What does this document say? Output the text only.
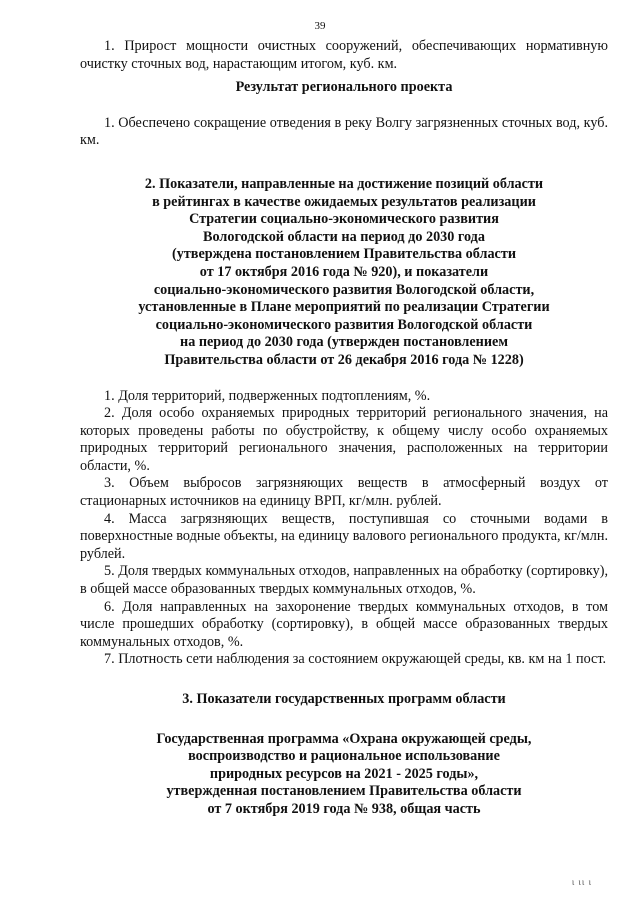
39

1. Прирост мощности очистных сооружений, обеспечивающих нормативную очистку сточных вод, нарастающим итогом, куб. км.

Результат регионального проекта

1. Обеспечено сокращение отведения в реку Волгу загрязненных сточных вод, куб. км.

2. Показатели, направленные на достижение позиций области

в рейтингах в качестве ожидаемых результатов реализации

Стратегии социально-экономического развития

Вологодской области на период до 2030 года

(утверждена постановлением Правительства области

от 17 октября 2016 года № 920), и показатели

социально-экономического развития Вологодской области,

установленные в Плане мероприятий по реализации Стратегии

социально-экономического развития Вологодской области

на период до 2030 года (утвержден постановлением

Правительства области от 26 декабря 2016 года № 1228)

1. Доля территорий, подверженных подтоплениям, %.

2. Доля особо охраняемых природных территорий регионального значения, на которых проведены работы по обустройству, к общему числу особо охраняемых природных территорий регионального значения, расположенных на территории области, %.

3. Объем выбросов загрязняющих веществ в атмосферный воздух от стационарных источников на единицу ВРП, кг/млн. рублей.

4. Масса загрязняющих веществ, поступившая со сточными водами в поверхностные водные объекты, на единицу валового регионального продукта, кг/млн. рублей.

5. Доля твердых коммунальных отходов, направленных на обработку (сортировку), в общей массе образованных твердых коммунальных отходов, %.

6. Доля направленных на захоронение твердых коммунальных отходов, в том числе прошедших обработку (сортировку), в общей массе образованных твердых коммунальных отходов, %.

7. Плотность сети наблюдения за состоянием окружающей среды, кв. км на 1 пост.

3. Показатели государственных программ области

Государственная программа «Охрана окружающей среды,

воспроизводство и рациональное использование

природных ресурсов на 2021 - 2025 годы»,

утвержденная постановлением Правительства области

от 7 октября 2019 года № 938, общая часть

ι ιι ι
